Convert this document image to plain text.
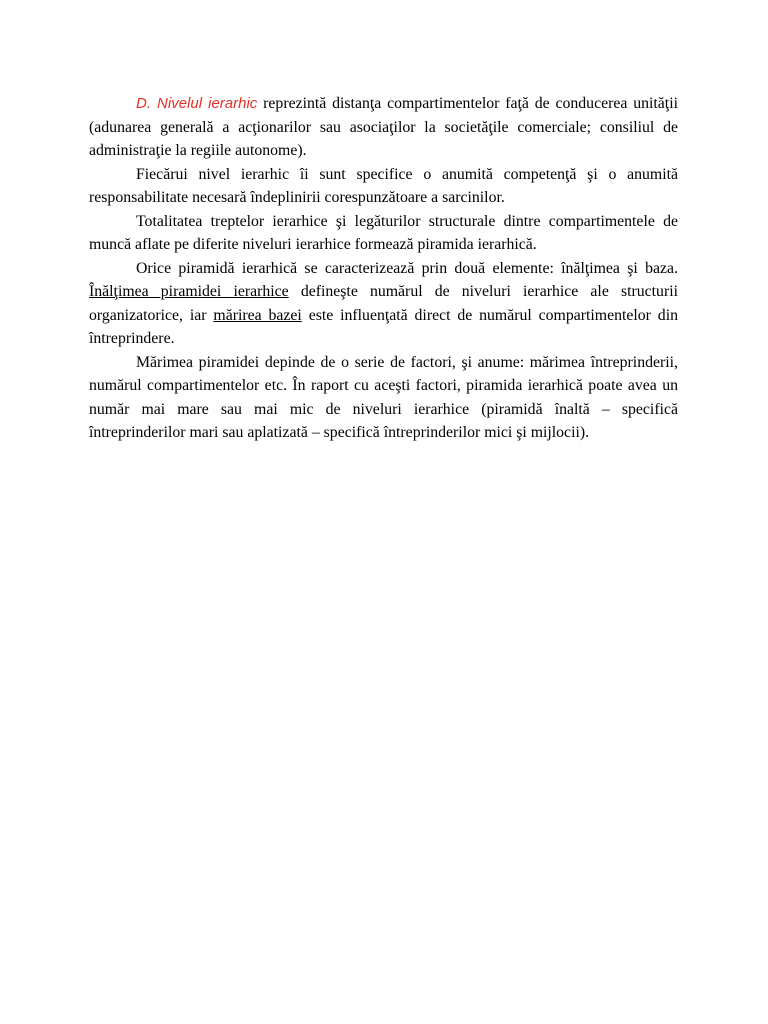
D. Nivelul ierarhic reprezintă distanţa compartimentelor faţă de conducerea unităţii (adunarea generală a acţionarilor sau asociaţilor la societăţile comerciale; consiliul de administraţie la regiile autonome).

Fiecărui nivel ierarhic îi sunt specifice o anumită competenţă şi o anumită responsabilitate necesară îndeplinirii corespunzătoare a sarcinilor.

Totalitatea treptelor ierarhice şi legăturilor structurale dintre compartimentele de muncă aflate pe diferite niveluri ierarhice formează piramida ierarhică.

Orice piramidă ierarhică se caracterizează prin două elemente: înălţimea şi baza. Înălţimea piramidei ierarhice defineşte numărul de niveluri ierarhice ale structurii organizatorice, iar mărirea bazei este influenţată direct de numărul compartimentelor din întreprindere.

Mărimea piramidei depinde de o serie de factori, şi anume: mărimea întreprinderii, numărul compartimentelor etc. În raport cu aceşti factori, piramida ierarhică poate avea un număr mai mare sau mai mic de niveluri ierarhice (piramidă înaltă – specifică întreprinderilor mari sau aplatizată – specifică întreprinderilor mici şi mijlocii).
